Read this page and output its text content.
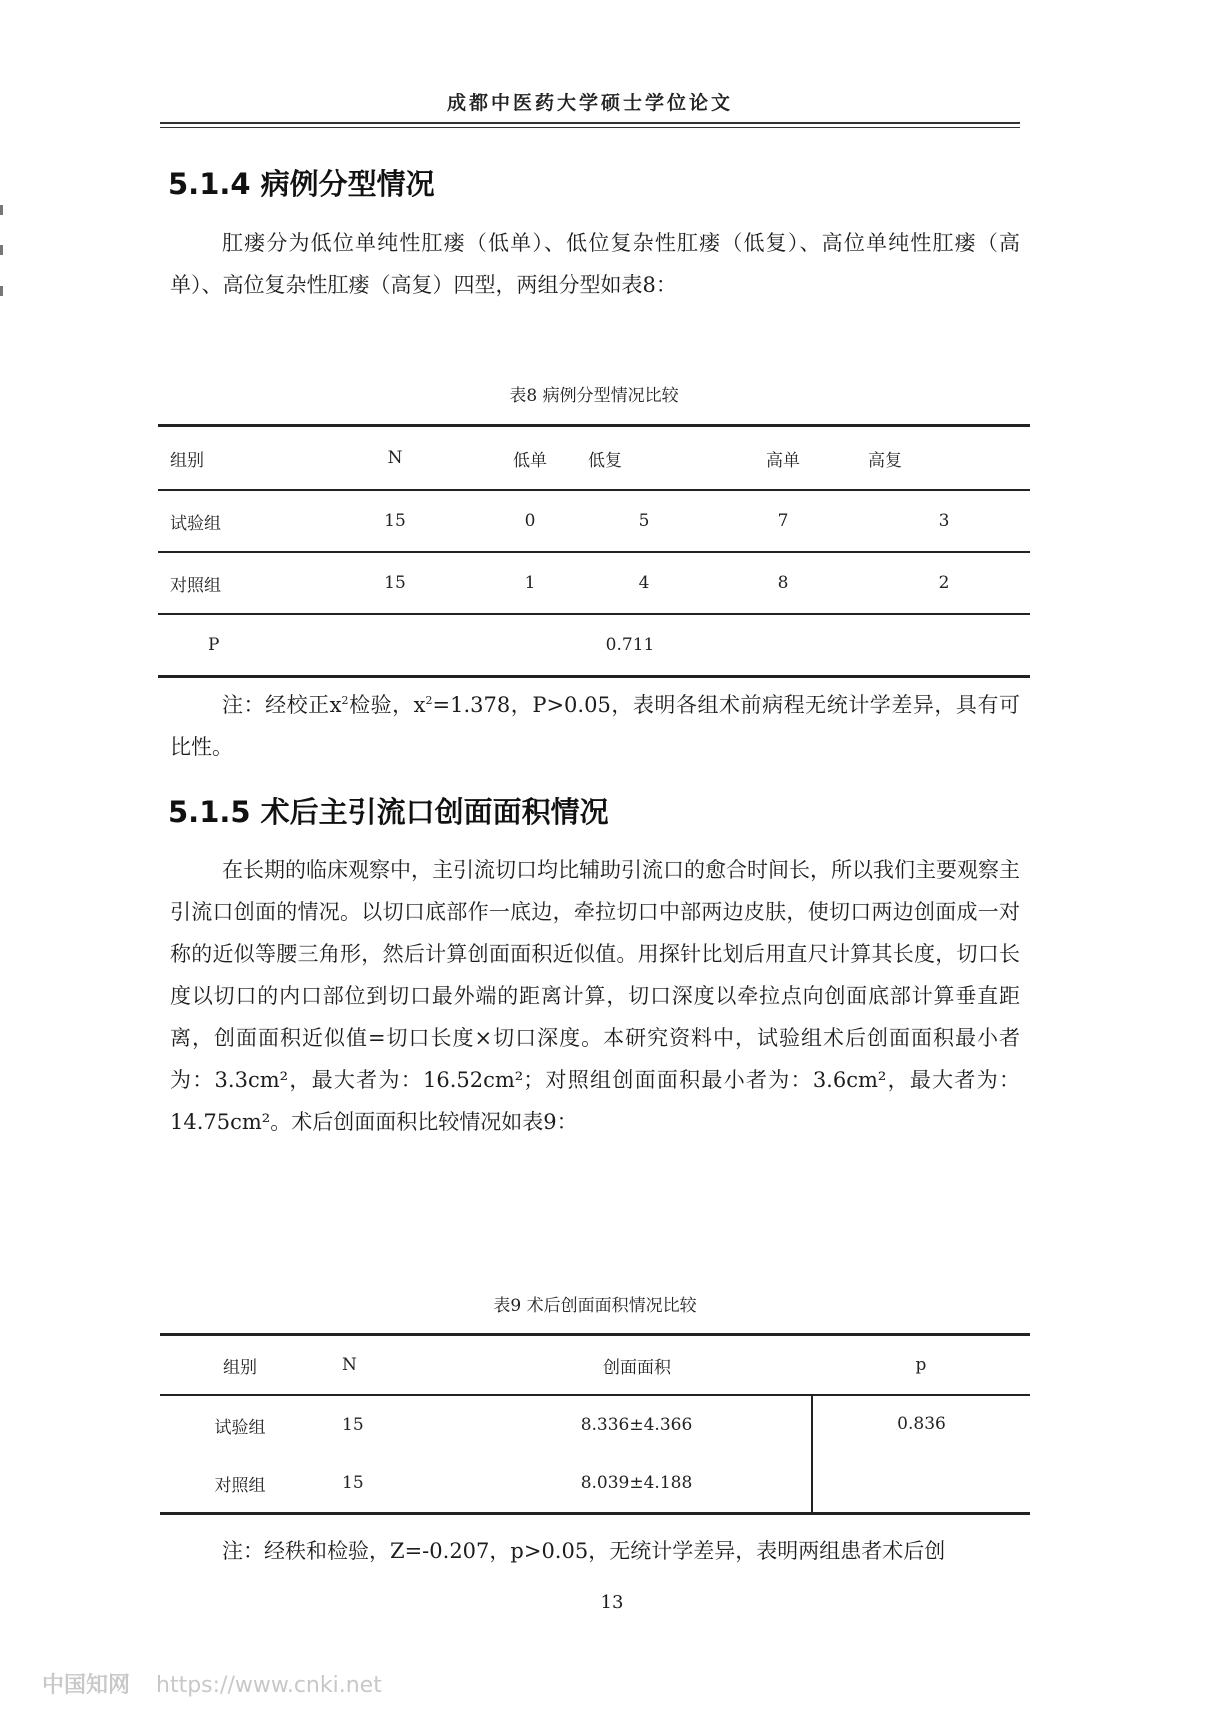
成都中医药大学硕士学位论文
5.1.4 病例分型情况
肛瘘分为低位单纯性肛瘘（低单）、低位复杂性肛瘘（低复）、高位单纯性肛瘘（高单）、高位复杂性肛瘘（高复）四型，两组分型如表8：
表8 病例分型情况比较
组别	N	低单	低复	高单	高复
试验组	15	0	5	7	3
对照组	15	1	4	8	2
P	0.711				
注：经校正$x^2$检验，$x^2=1.378$，P>0.05，表明各组术前病程无统计学差异，具有可比性。
5.1.5 术后主引流口创面面积情况
在长期的临床观察中，主引流切口均比辅助引流口的愈合时间长，所以我们主要观察主引流口创面的情况。以切口底部作一底边，牵拉切口中部两边皮肤，使切口两边创面成一对称的近似等腰三角形，然后计算创面面积近似值。用探针比划后用直尺计算其长度，切口长度以切口的内口部位到切口最外端的距离计算，切口深度以牵拉点向创面底部计算垂直距离，创面面积近似值=切口长度×切口深度。本研究资料中，试验组术后创面面积最小者为：3.3cm²，最大者为：16.52cm²；对照组创面面积最小者为：3.6cm²，最大者为：14.75cm²。术后创面面积比较情况如表9：
表9 术后创面面积情况比较
组别	N	创面面积	p
试验组	15	8.336±4.366	0.836
对照组	15	8.039±4.188	
注：经秩和检验，Z=-0.207，p>0.05，无统计学差异，表明两组患者术后创
13
中国知网 https://www.cnki.net
